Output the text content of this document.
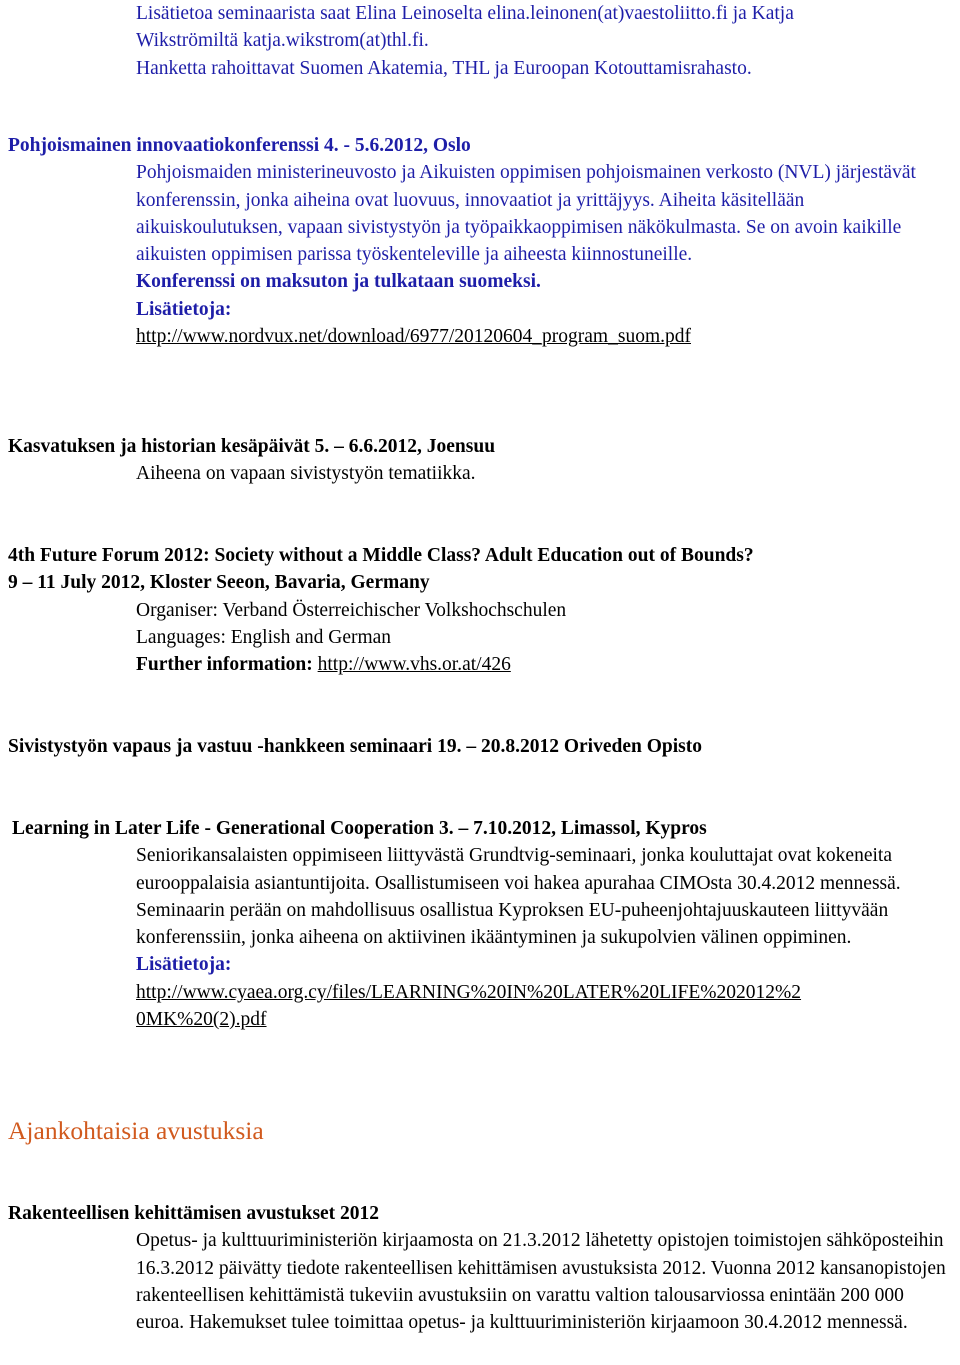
Lisätietoa seminaarista saat Elina Leinoselta elina.leinonen(at)vaestoliitto.fi ja Katja
Wikströmiltä katja.wikstrom(at)thl.fi.
Hanketta rahoittavat Suomen Akatemia, THL ja Euroopan Kotouttamisrahasto.
Pohjoismainen innovaatiokonferenssi 4. - 5.6.2012, Oslo
Pohjoismaiden ministerineuvosto ja Aikuisten oppimisen pohjoismainen verkosto (NVL) järjestävät konferenssin, jonka aiheina ovat luovuus, innovaatiot ja yrittäjyys. Aiheita käsitellään aikuiskoulutuksen, vapaan sivistystyön ja työpaikkaoppimisen näkökulmasta. Se on avoin kaikille aikuisten oppimisen parissa työskenteleville ja aiheesta kiinnostuneille.
Konferenssi on maksuton ja tulkataan suomeksi.
Lisätietoja:
http://www.nordvux.net/download/6977/20120604_program_suom.pdf
Kasvatuksen ja historian kesäpäivät 5. – 6.6.2012, Joensuu
Aiheena on vapaan sivistystyön tematiikka.
4th Future Forum 2012: Society without a Middle Class? Adult Education out of Bounds?
9 – 11 July 2012, Kloster Seeon, Bavaria, Germany
Organiser: Verband Österreichischer Volkshochschulen
Languages: English and German
Further information: http://www.vhs.or.at/426
Sivistystyön vapaus ja vastuu -hankkeen seminaari 19. – 20.8.2012 Oriveden Opisto
Learning in Later Life - Generational Cooperation 3. – 7.10.2012, Limassol, Kypros
Seniorikansalaisten oppimiseen liittyvästä Grundtvig-seminaari, jonka kouluttajat ovat kokeneita eurooppalaisia asiantuntijoita. Osallistumiseen voi hakea apurahaa CIMOsta 30.4.2012 mennessä. Seminaarin perään on mahdollisuus osallistua Kyproksen EU-puheenjohtajuuskauteen liittyvään konferenssiin, jonka aiheena on aktiivinen ikääntyminen ja sukupolvien välinen oppiminen.
Lisätietoja:
http://www.cyaea.org.cy/files/LEARNING%20IN%20LATER%20LIFE%202012%2
0MK%20(2).pdf
Ajankohtaisia avustuksia
Rakenteellisen kehittämisen avustukset 2012
Opetus- ja kulttuuriministeriön kirjaamosta on 21.3.2012 lähetetty opistojen toimistojen sähköposteihin 16.3.2012 päivätty tiedote rakenteellisen kehittämisen avustuksista 2012. Vuonna 2012 kansanopistojen rakenteellisen kehittämistä tukeviin avustuksiin on varattu valtion talousarviossa enintään 200 000 euroa. Hakemukset tulee toimittaa opetus- ja kulttuuriministeriön kirjaamoon 30.4.2012 mennessä.
